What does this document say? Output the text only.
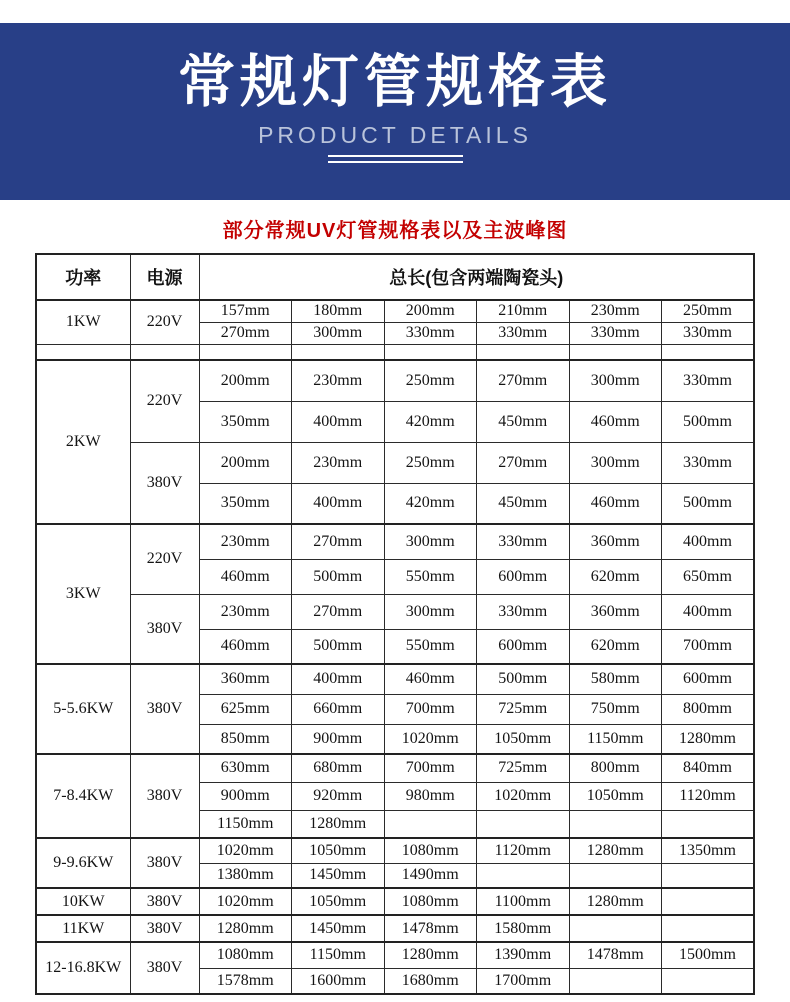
常规灯管规格表
PRODUCT DETAILS
部分常规UV灯管规格表以及主波峰图
功率	电源	总长(包含两端陶瓷头)					
1KW	220V	157mm	180mm	200mm	210mm	230mm	250mm
		270mm	300mm	330mm	330mm	330mm	330mm

2KW	220V	200mm	230mm	250mm	270mm	300mm	330mm
		350mm	400mm	420mm	450mm	460mm	500mm
	380V	200mm	230mm	250mm	270mm	300mm	330mm
		350mm	400mm	420mm	450mm	460mm	500mm
3KW	220V	230mm	270mm	300mm	330mm	360mm	400mm
		460mm	500mm	550mm	600mm	620mm	650mm
	380V	230mm	270mm	300mm	330mm	360mm	400mm
		460mm	500mm	550mm	600mm	620mm	700mm
5-5.6KW	380V	360mm	400mm	460mm	500mm	580mm	600mm
		625mm	660mm	700mm	725mm	750mm	800mm
		850mm	900mm	1020mm	1050mm	1150mm	1280mm
7-8.4KW	380V	630mm	680mm	700mm	725mm	800mm	840mm
		900mm	920mm	980mm	1020mm	1050mm	1120mm
		1150mm	1280mm				
9-9.6KW	380V	1020mm	1050mm	1080mm	1120mm	1280mm	1350mm
		1380mm	1450mm	1490mm			
10KW	380V	1020mm	1050mm	1080mm	1100mm	1280mm	
11KW	380V	1280mm	1450mm	1478mm	1580mm		
12-16.8KW	380V	1080mm	1150mm	1280mm	1390mm	1478mm	1500mm
		1578mm	1600mm	1680mm	1700mm		
